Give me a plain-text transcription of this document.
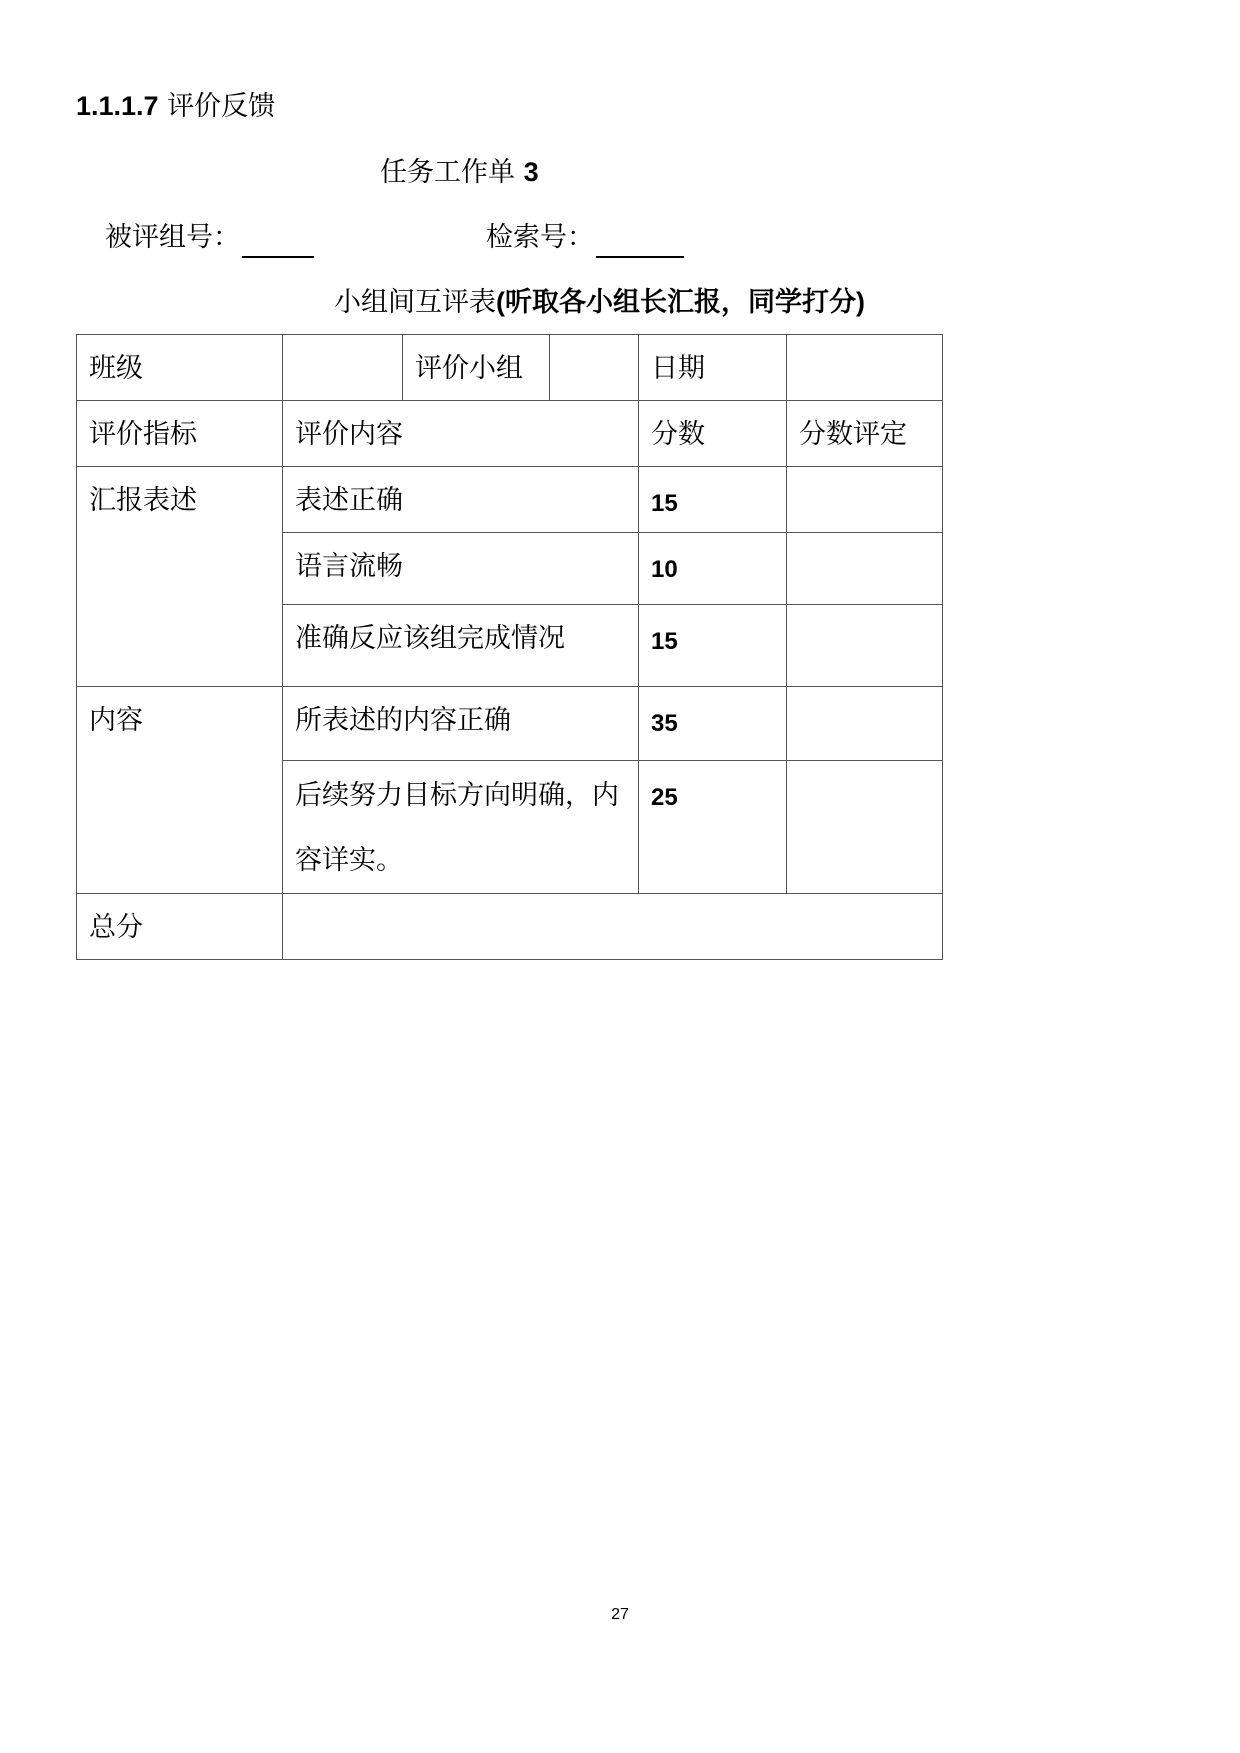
1.1.1.7 评价反馈
任务工作单 3
被评组号：	检索号：
小组间互评表(听取各小组长汇报，同学打分)
班级		评价小组		日期	
评价指标	评价内容			分数	分数评定
汇报表述	表述正确			15	
	语言流畅			10	
	准确反应该组完成情况			15	
内容	所表述的内容正确			35	

	后续努力目标方向明确，内容详实。			25	
总分					
27
